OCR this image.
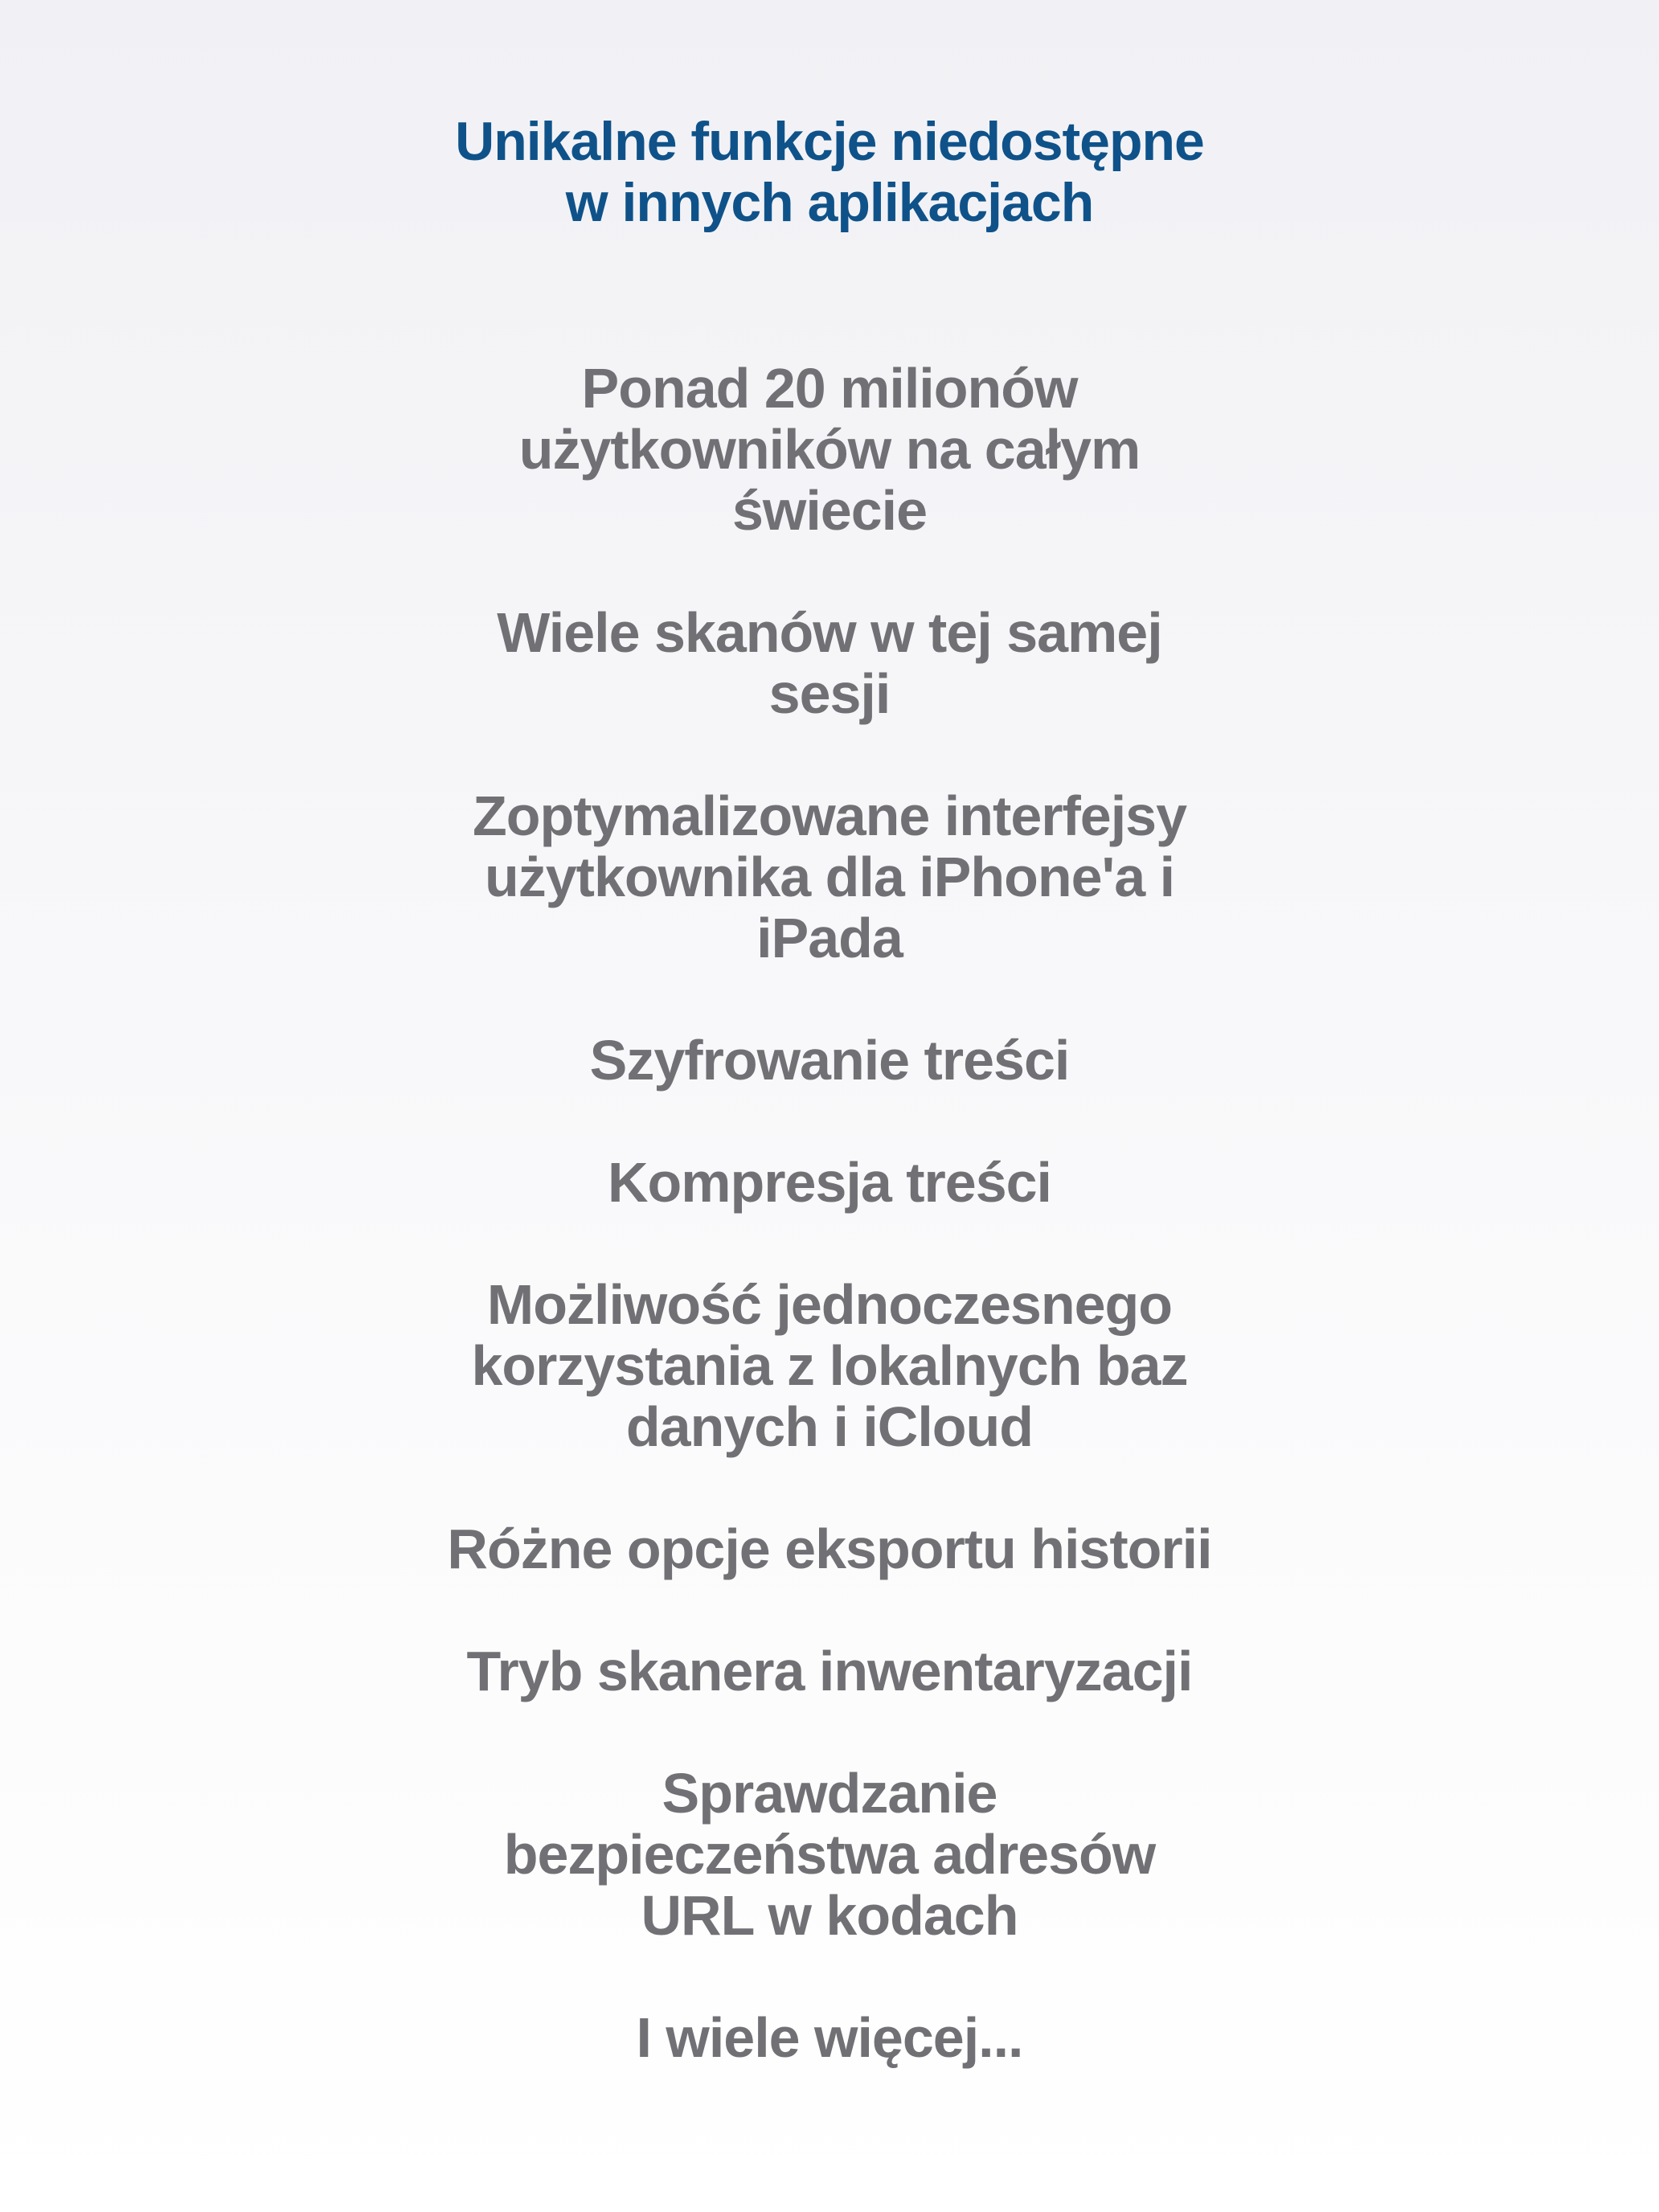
Unikalne funkcje niedostępne
w innych aplikacjach
Ponad 20 milionów
użytkowników na całym
świecie
Wiele skanów w tej samej
sesji
Zoptymalizowane interfejsy
użytkownika dla iPhone'a i
iPada
Szyfrowanie treści
Kompresja treści
Możliwość jednoczesnego
korzystania z lokalnych baz
danych i iCloud
Różne opcje eksportu historii
Tryb skanera inwentaryzacji
Sprawdzanie
bezpieczeństwa adresów
URL w kodach
I wiele więcej...
